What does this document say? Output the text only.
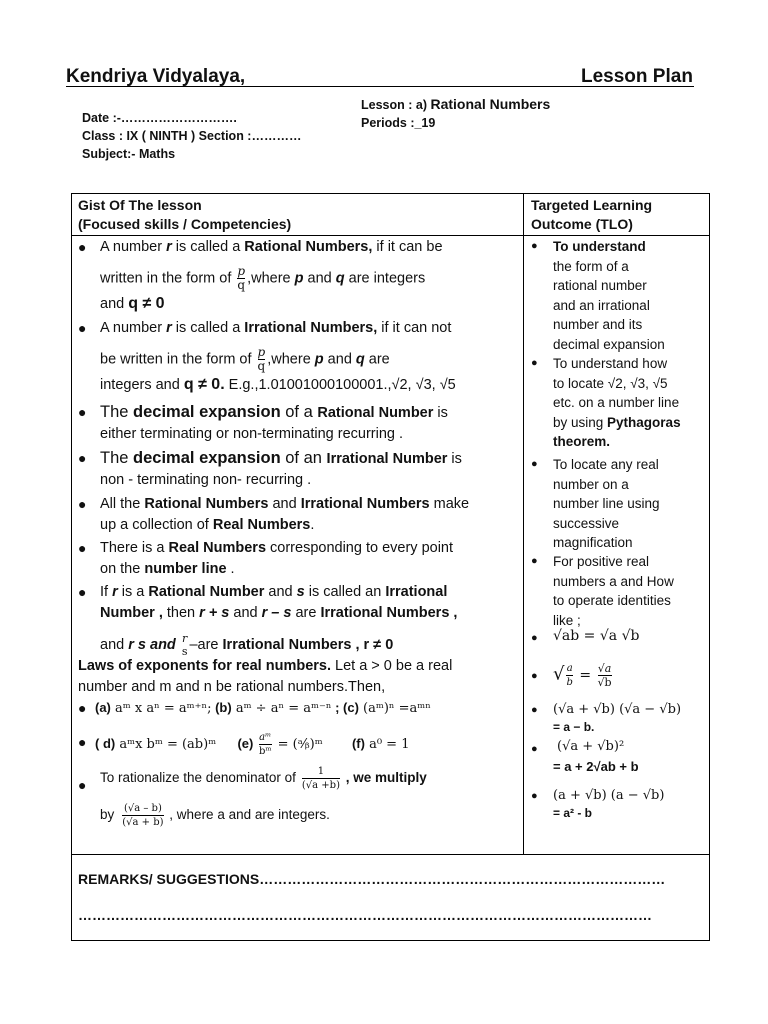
Kendriya Vidyalaya,	Lesson Plan
Date :-……………………….
Class : IX ( NINTH ) Section :…………
Subject:- Maths
Lesson : a) Rational Numbers
Periods :_19
Gist Of The lesson
(Focused skills / Competencies)
Targeted Learning
Outcome (TLO)
● A number r is called a Rational Numbers, if it can be
written in the form of $\frac{p}{q}$ ,where p and q are integers
and q ≠ 0
● A number r is called a Irrational Numbers, if it can not
be written in the form of $\frac{p}{q}$ ,where p and q are
integers and q ≠ 0. E.g.,1.01001000100001.,√2, √3, √5
● The decimal expansion of a Rational Number is
either terminating or non-terminating recurring .
● The decimal expansion of an Irrational Number is
non - terminating non- recurring .
● All the Rational Numbers and Irrational Numbers make
up a collection of Real Numbers.
● There is a Real Numbers corresponding to every point
on the number line .
● If r is a Rational Number and s is called an Irrational
Number , then r + s and r – s are Irrational Numbers ,
and r s and r
s –are Irrational Numbers , r ≠ 0
Laws of exponents for real numbers. Let a > 0 be a real
number and m and n be rational numbers.Then,
● (a) aᵐ x aⁿ = aᵐ⁺ⁿ; (b) aᵐ ÷ aⁿ = aᵐ⁻ⁿ ; (c) (aᵐ)ⁿ =aᵐⁿ
● ( d) aᵐx bᵐ = (ab)ᵐ $(e) \frac{\text{aᵐ}}{\text{bᵐ}}$ = (ᵃ⁄ᵦ)ᵐ (f) a⁰ = 1
● To rationalize the denominator of $\frac{1}{(√a +b)}$ , we multiply
by $\frac{(√a - b)}{(√a + b)}$ , where a and are integers.
● To understand
the form of a
rational number
and an irrational
number and its
decimal expansion
● To understand how
to locate √2, √3, √5
etc. on a number line
by using Pythagoras
theorem.
● To locate any real
number on a
number line using
successive
magnification
● For positive real
numbers a and How
to operate identities
like ;
● √ab = √a √b
● √ $\frac{a}{b} = \frac{√a}{√b}$
● (√a + √b) (√a − √b)
= a − b.
● (√a + √b)²
= a + 2√ab + b
● (a + √b) (a − √b)
= a² - b
REMARKS/ SUGGESTIONS……………………………………………………………………………
……………………………………………………………………………………………………………
